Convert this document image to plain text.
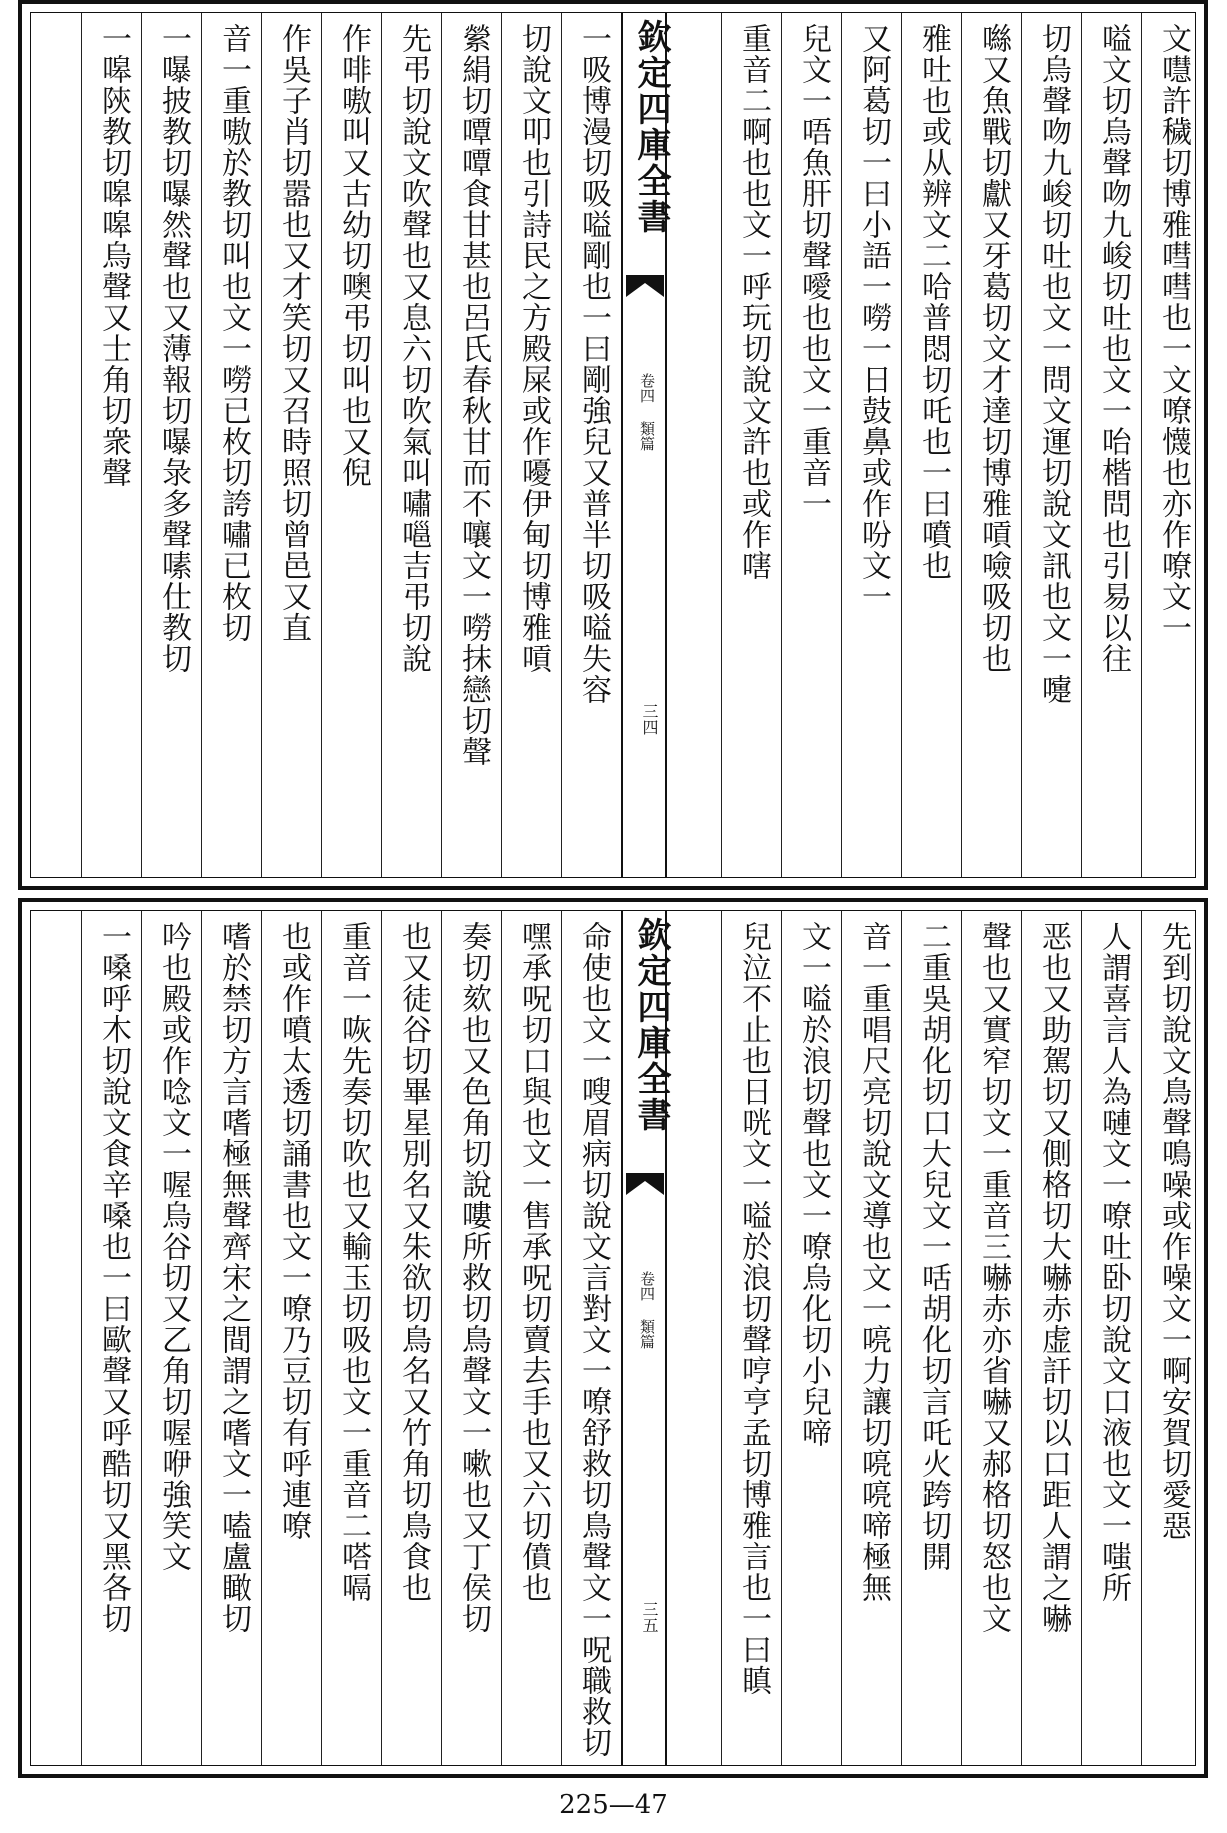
文嚖許穢切博雅嘒嘒也一文嘹懱也亦作嘹文一
嗌文切烏聲吻九峻切吐也文一咍楷問也引易以往
切烏聲吻九峻切吐也文一問文運切說文訊也文一嚏
噝又魚戰切獻又牙葛切文才達切博雅嗊噞吸切也
雅吐也或从辨文二哈普悶切吒也一曰噴也
又阿葛切一曰小語一嘮一日鼓鼻或作吩文一
兒文一唔魚肝切聲噯也也文一重音一
重音二啊也也文一呼玩切說文許也或作嗐
欽定四庫全書
卷四 類篇
三四
一吸博漫切吸嗌剛也一曰剛強兒又普半切吸嗌失容
切說文叩也引詩民之方殿屎或作嚘伊甸切博雅嗊
縈絹切嘾嘾食甘甚也呂氏春秋甘而不嚷文一嘮抹戀切聲
先弔切說文吹聲也又息六切吹氣叫嘯嗈吉弔切說
作啡嗷叫又古幼切噢弔切叫也又倪
作吳子肖切嚣也又才笑切又召時照切曾邑又直
音一重嗷於教切叫也文一嘮已枚切誇嘯已枚切
一嚗披教切嚗然聲也又薄報切嚗彔多聲嗉仕教切
一嗥陝教切嗥嗥烏聲又士角切衆聲
先到切說文鳥聲鳴噪或作噪文一啊安賀切愛惡
人謂喜言人為嗹文一嘹吐卧切說文口液也文一嗤所
恶也又助駕切又側格切大嚇赤虚訐切以口距人謂之嚇
聲也又實窄切文一重音三嚇赤亦省嚇又郝格切怒也文
二重吳胡化切口大兒文一咶胡化切言吒火跨切開
音一重唱尺亮切說文導也文一喨力讓切喨喨啼極無
文一嗌於浪切聲也文一嘹烏化切小兒啼
兒泣不止也日咣文一嗌於浪切聲哼亨孟切博雅言也一曰瞋
欽定四庫全書
卷四 類篇
三五
命使也文一嗖眉病切說文言對文一嘹舒救切鳥聲文一呪職救切
嘿承呪切口與也文一售承呪切賣去手也又六切僨也
奏切欬也又色角切說嘍所救切鳥聲文一嗽也又丁侯切
也又徒谷切畢星別名又朱欲切鳥名又竹角切鳥食也
重音一咴先奏切吹也又輸玉切吸也文一重音二嗒嗝
也或作噴太透切誦書也文一嘹乃豆切有呼連嘹
嗜於禁切方言嗜極無聲齊宋之間謂之嗜文一嗑盧瞰切
吟也殿或作唸文一喔烏谷切又乙角切喔咿強笑文
一嗓呼木切說文食辛嗓也一曰歐聲又呼酷切又黑各切
225—47
